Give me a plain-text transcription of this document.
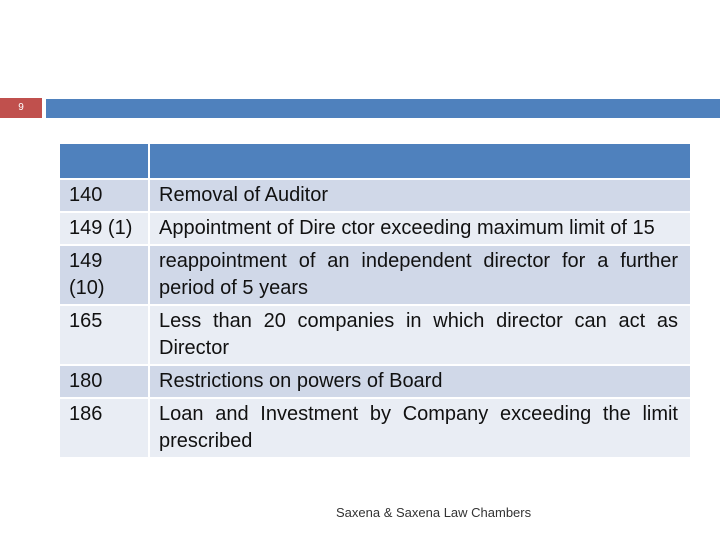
9

140	Removal of Auditor
149 (1)	Appointment of Dire ctor exceeding maximum limit of 15
149 (10)	reappointment of an independent director for a further period of 5 years
165	Less than 20 companies in which director can act as Director
180	Restrictions on powers of Board
186	Loan and Investment by Company exceeding the limit prescribed
Saxena & Saxena Law Chambers
